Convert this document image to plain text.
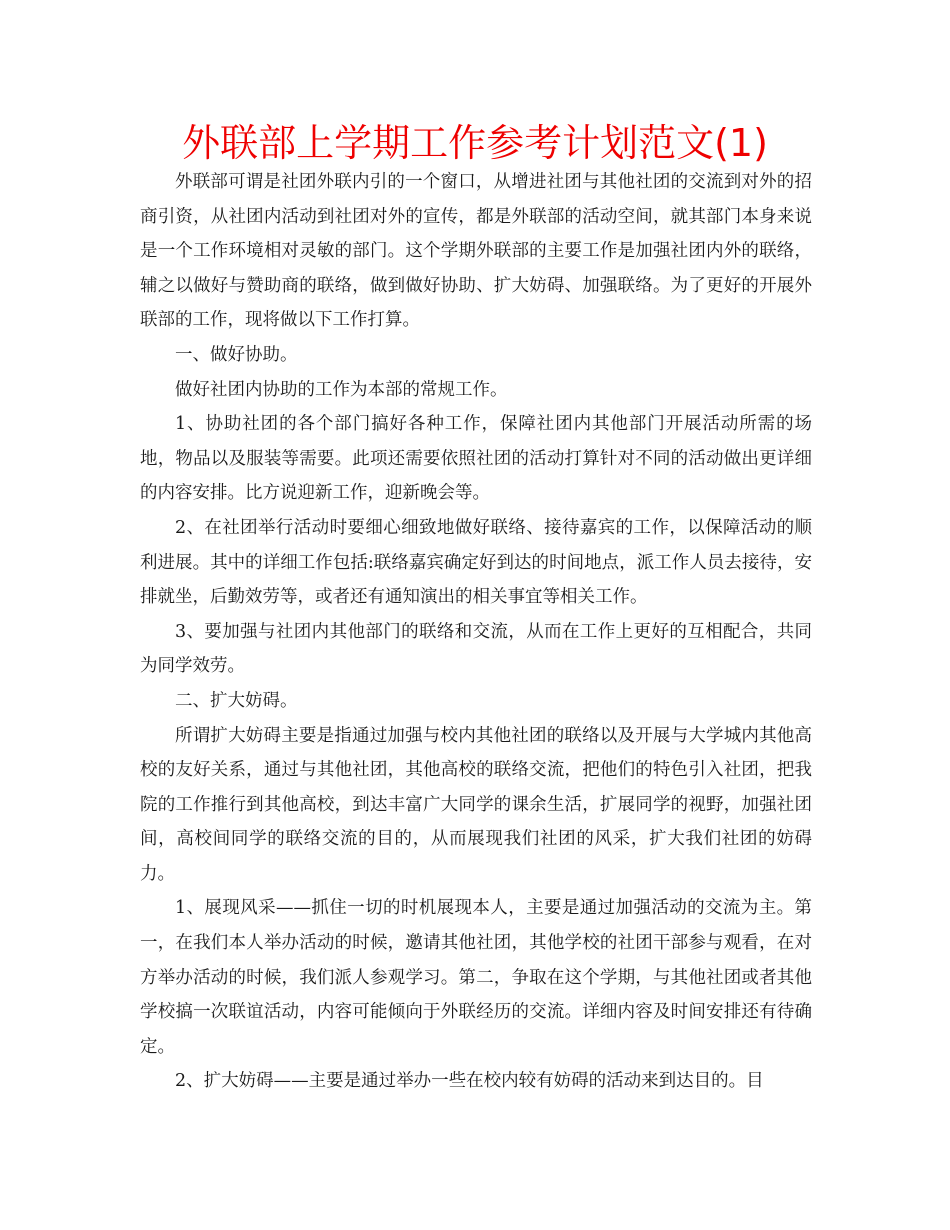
外联部上学期工作参考计划范文(1)

外联部可谓是社团外联内引的一个窗口，从增进社团与其他社团的交流到对外的招商引资，从社团内活动到社团对外的宣传，都是外联部的活动空间，就其部门本身来说是一个工作环境相对灵敏的部门。这个学期外联部的主要工作是加强社团内外的联络，辅之以做好与赞助商的联络，做到做好协助、扩大妨碍、加强联络。为了更好的开展外联部的工作，现将做以下工作打算。

一、做好协助。

做好社团内协助的工作为本部的常规工作。

1、协助社团的各个部门搞好各种工作，保障社团内其他部门开展活动所需的场地，物品以及服装等需要。此项还需要依照社团的活动打算针对不同的活动做出更详细的内容安排。比方说迎新工作，迎新晚会等。

2、在社团举行活动时要细心细致地做好联络、接待嘉宾的工作，以保障活动的顺利进展。其中的详细工作包括:联络嘉宾确定好到达的时间地点，派工作人员去接待，安排就坐，后勤效劳等，或者还有通知演出的相关事宜等相关工作。

3、要加强与社团内其他部门的联络和交流，从而在工作上更好的互相配合，共同为同学效劳。

二、扩大妨碍。

所谓扩大妨碍主要是指通过加强与校内其他社团的联络以及开展与大学城内其他高校的友好关系，通过与其他社团，其他高校的联络交流，把他们的特色引入社团，把我院的工作推行到其他高校，到达丰富广大同学的课余生活，扩展同学的视野，加强社团间，高校间同学的联络交流的目的，从而展现我们社团的风采，扩大我们社团的妨碍力。

1、展现风采——抓住一切的时机展现本人，主要是通过加强活动的交流为主。第一，在我们本人举办活动的时候，邀请其他社团，其他学校的社团干部参与观看，在对方举办活动的时候，我们派人参观学习。第二，争取在这个学期，与其他社团或者其他学校搞一次联谊活动，内容可能倾向于外联经历的交流。详细内容及时间安排还有待确定。

2、扩大妨碍——主要是通过举办一些在校内较有妨碍的活动来到达目的。目
